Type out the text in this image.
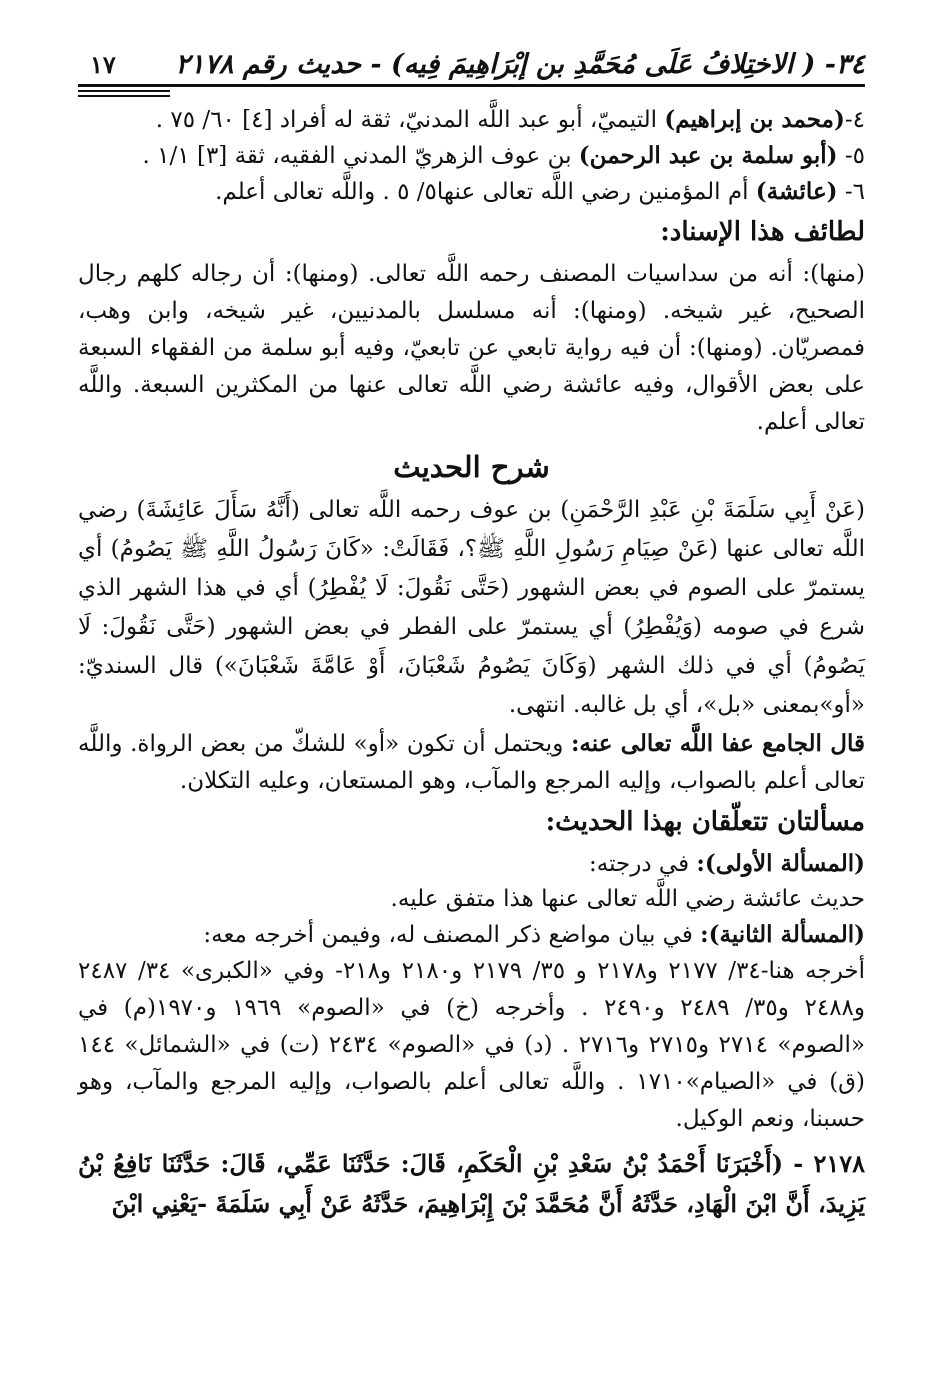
٣٤- ( الاختِلافُ عَلَى مُحَمَّدِ بن إبْرَاهِيمَ فِيه) - حديث رقم ٢١٧٨
١٧

٤-(محمد بن إبراهيم) التيميّ، أبو عبد اللَّه المدنيّ، ثقة له أفراد [٤] ٦٠/ ٧٥ .

٥- (أبو سلمة بن عبد الرحمن) بن عوف الزهريّ المدني الفقيه، ثقة [٣] ١/١ .

٦- (عائشة) أم المؤمنين رضي اللَّه تعالى عنها٥/ ٥ . واللَّه تعالى أعلم.

لطائف هذا الإسناد:

(منها): أنه من سداسيات المصنف رحمه اللَّه تعالى. (ومنها): أن رجاله كلهم رجال الصحيح، غير شيخه. (ومنها): أنه مسلسل بالمدنيين، غير شيخه، وابن وهب، فمصريّان. (ومنها): أن فيه رواية تابعي عن تابعيّ، وفيه أبو سلمة من الفقهاء السبعة على بعض الأقوال، وفيه عائشة رضي اللَّه تعالى عنها من المكثرين السبعة. واللَّه تعالى أعلم.

شرح الحديث

(عَنْ أَبِي سَلَمَةَ بْنِ عَبْدِ الرَّحْمَنِ) بن عوف رحمه اللَّه تعالى (أَنَّهُ سَأَلَ عَائِشَةَ) رضي اللَّه تعالى عنها (عَنْ صِيَامِ رَسُولِ اللَّهِ ﷺ؟، فَقَالَتْ: «كَانَ رَسُولُ اللَّهِ ﷺ يَصُومُ) أي يستمرّ على الصوم في بعض الشهور (حَتَّى نَقُولَ: لَا يُفْطِرُ) أي في هذا الشهر الذي شرع في صومه (وَيُفْطِرُ) أي يستمرّ على الفطر في بعض الشهور (حَتَّى نَقُولَ: لَا يَصُومُ) أي في ذلك الشهر (وَكَانَ يَصُومُ شَعْبَانَ، أَوْ عَامَّةَ شَعْبَانَ») قال السنديّ: «أو»بمعنى «بل»، أي بل غالبه. انتهى.

قال الجامع عفا اللَّه تعالى عنه: ويحتمل أن تكون «أو» للشكّ من بعض الرواة. واللَّه تعالى أعلم بالصواب، وإليه المرجع والمآب، وهو المستعان، وعليه التكلان.

مسألتان تتعلّقان بهذا الحديث:

(المسألة الأولى): في درجته:

حديث عائشة رضي اللَّه تعالى عنها هذا متفق عليه.

(المسألة الثانية): في بيان مواضع ذكر المصنف له، وفيمن أخرجه معه:

أخرجه هنا-٣٤/ ٢١٧٧ و٢١٧٨ و ٣٥/ ٢١٧٩ و٢١٨٠ و٢١٨- وفي «الكبرى» ٣٤/ ٢٤٨٧ و٢٤٨٨ و٣٥/ ٢٤٨٩ و٢٤٩٠ . وأخرجه (خ) في «الصوم» ١٩٦٩ و١٩٧٠(م) في «الصوم» ٢٧١٤ و٢٧١٥ و٢٧١٦ . (د) في «الصوم» ٢٤٣٤ (ت) في «الشمائل» ١٤٤ (ق) في «الصيام»١٧١٠ . واللَّه تعالى أعلم بالصواب، وإليه المرجع والمآب، وهو حسبنا، ونعم الوكيل.

٢١٧٨ - (أَخْبَرَنَا أَحْمَدُ بْنُ سَعْدِ بْنِ الْحَكَمِ، قَالَ: حَدَّثَنَا عَمِّي، قَالَ: حَدَّثَنَا نَافِعُ بْنُ يَزِيدَ، أَنَّ ابْنَ الْهَادِ، حَدَّثَهُ أَنَّ مُحَمَّدَ بْنَ إِبْرَاهِيمَ، حَدَّثَهُ عَنْ أَبِي سَلَمَةَ -يَعْنِي ابْنَ
